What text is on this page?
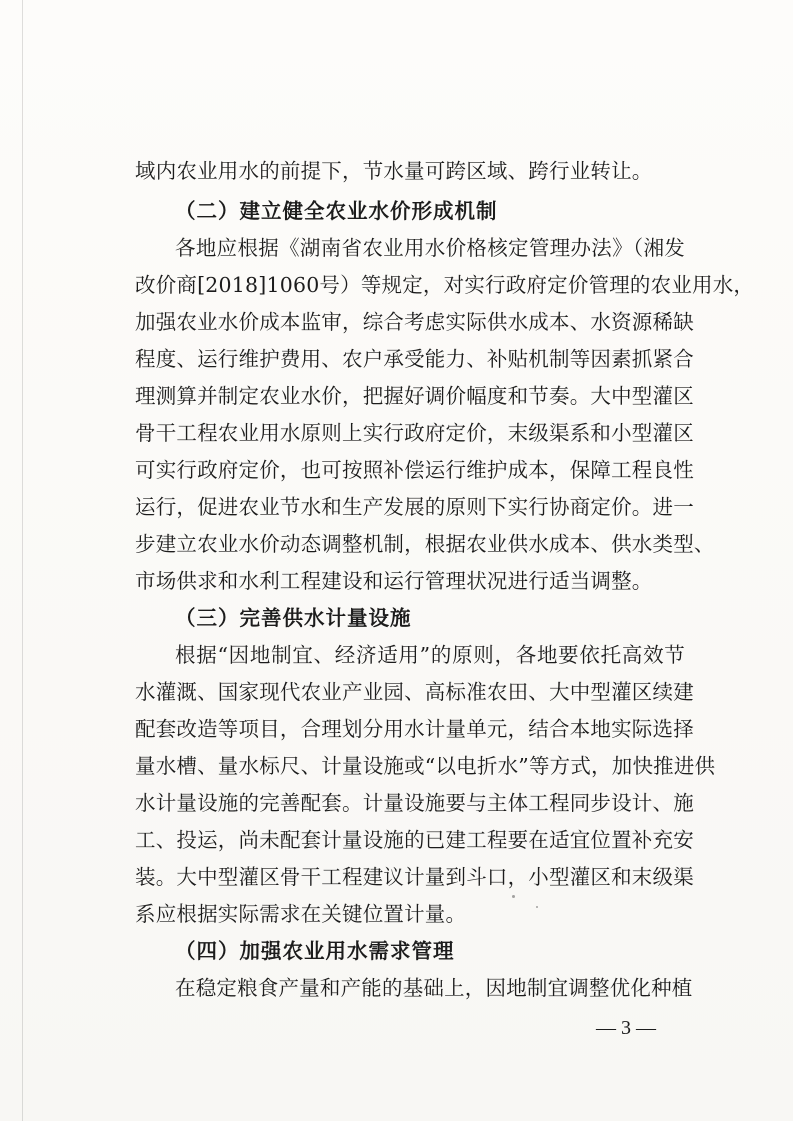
域内农业用水的前提下，节水量可跨区域、跨行业转让。
（二）建立健全农业水价形成机制
各地应根据《湖南省农业用水价格核定管理办法》（湘发
改价商[2018]1060号）等规定，对实行政府定价管理的农业用水，
加强农业水价成本监审，综合考虑实际供水成本、水资源稀缺
程度、运行维护费用、农户承受能力、补贴机制等因素抓紧合
理测算并制定农业水价，把握好调价幅度和节奏。大中型灌区
骨干工程农业用水原则上实行政府定价，末级渠系和小型灌区
可实行政府定价，也可按照补偿运行维护成本，保障工程良性
运行，促进农业节水和生产发展的原则下实行协商定价。进一
步建立农业水价动态调整机制，根据农业供水成本、供水类型、
市场供求和水利工程建设和运行管理状况进行适当调整。
（三）完善供水计量设施
根据“因地制宜、经济适用”的原则，各地要依托高效节
水灌溉、国家现代农业产业园、高标准农田、大中型灌区续建
配套改造等项目，合理划分用水计量单元，结合本地实际选择
量水槽、量水标尺、计量设施或“以电折水”等方式，加快推进供
水计量设施的完善配套。计量设施要与主体工程同步设计、施
工、投运，尚未配套计量设施的已建工程要在适宜位置补充安
装。大中型灌区骨干工程建议计量到斗口，小型灌区和末级渠
系应根据实际需求在关键位置计量。
（四）加强农业用水需求管理
在稳定粮食产量和产能的基础上，因地制宜调整优化种植
— 3 —
